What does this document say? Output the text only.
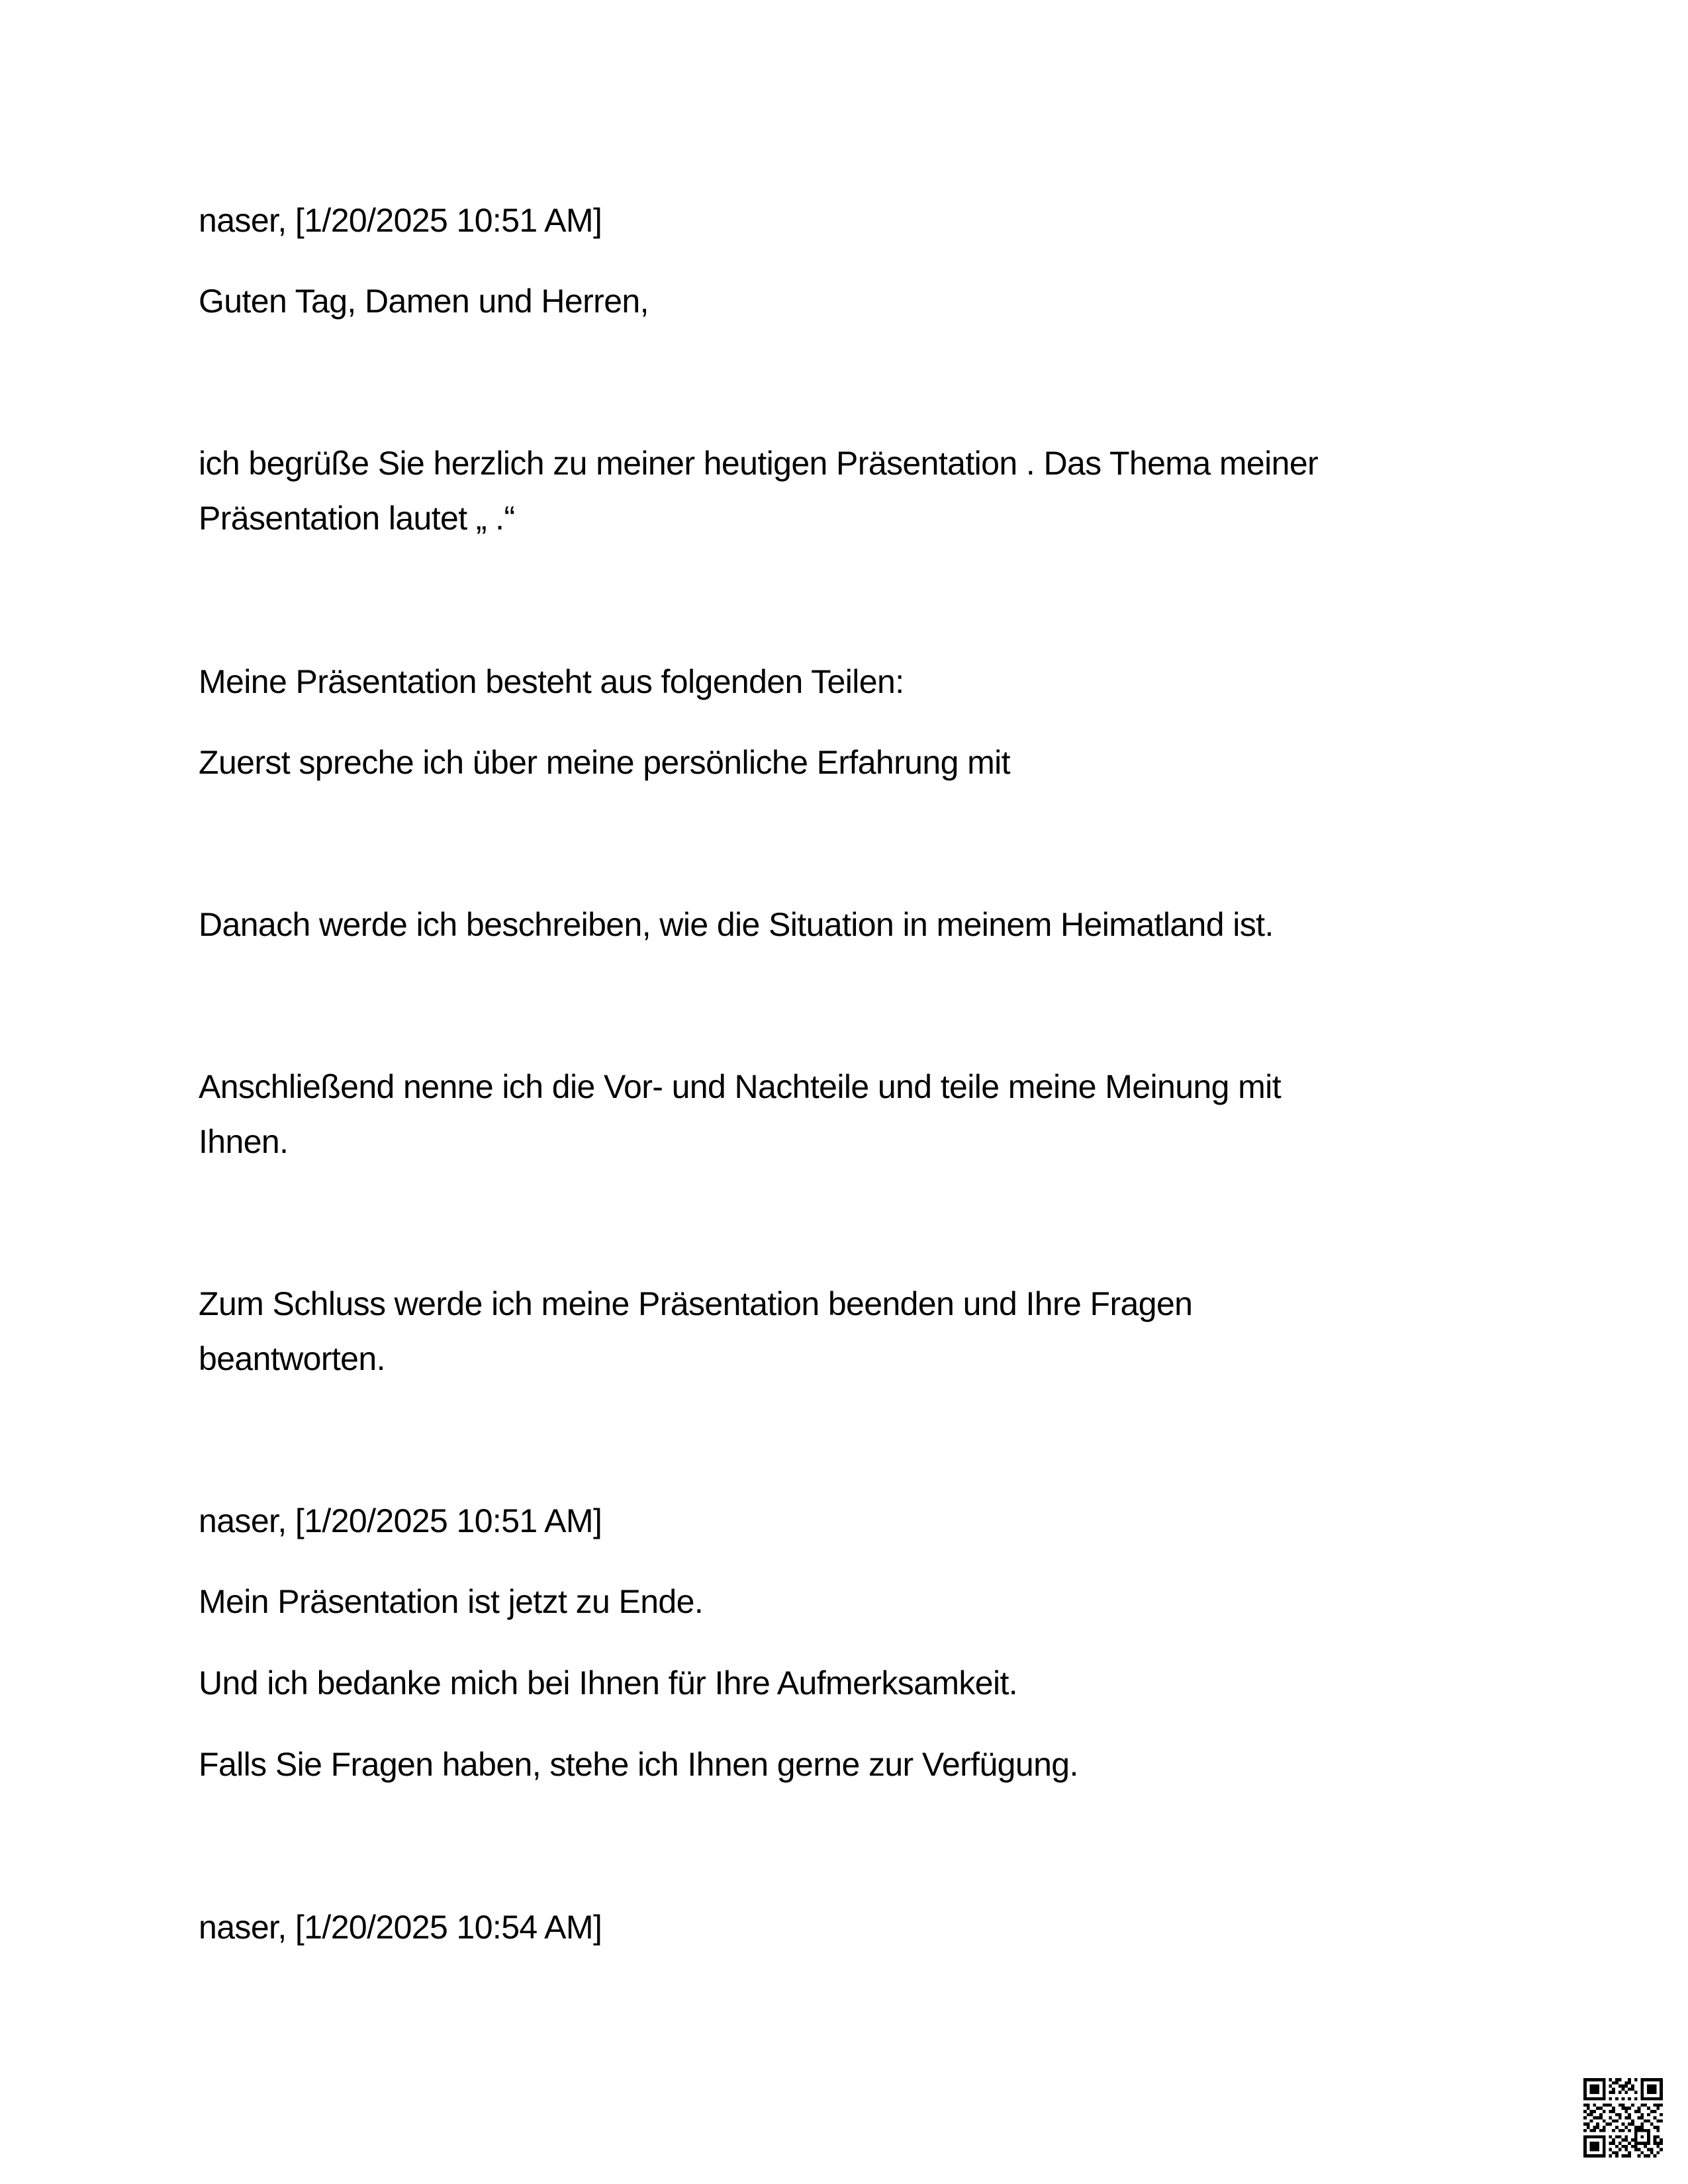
naser, [1/20/2025 10:51 AM]
Guten Tag, Damen und Herren,
ich begrüße Sie herzlich zu meiner heutigen Präsentation . Das Thema meiner
Präsentation lautet „ .“
Meine Präsentation besteht aus folgenden Teilen:
Zuerst spreche ich über meine persönliche Erfahrung mit
Danach werde ich beschreiben, wie die Situation in meinem Heimatland ist.
Anschließend nenne ich die Vor- und Nachteile und teile meine Meinung mit
Ihnen.
Zum Schluss werde ich meine Präsentation beenden und Ihre Fragen
beantworten.
naser, [1/20/2025 10:51 AM]
Mein Präsentation ist jetzt zu Ende.
Und ich bedanke mich bei Ihnen für Ihre Aufmerksamkeit.
Falls Sie Fragen haben, stehe ich Ihnen gerne zur Verfügung.
naser, [1/20/2025 10:54 AM]
